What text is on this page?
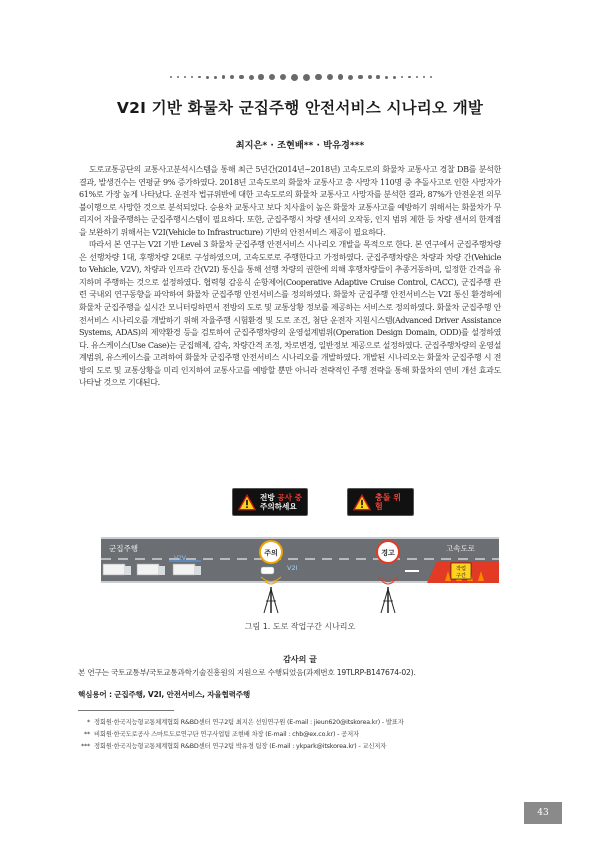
V2I 기반 화물차 군집주행 안전서비스 시나리오 개발
최지은* · 조현배** · 박유경***

도로교통공단의 교통사고분석시스템을 통해 최근 5년간(2014년~2018년) 고속도로의 화물차 교통사고 경찰 DB를 분석한 결과, 발생건수는 연평균 9% 증가하였다. 2018년 고속도로의 화물차 교통사고 총 사망자 110명 중 추돌사고로 인한 사망자가 61%로 가장 높게 나타났다. 운전자 법규위반에 대한 고속도로의 화물차 교통사고 사망자를 분석한 결과, 87%가 안전운전 의무 불이행으로 사망한 것으로 분석되었다. 승용차 교통사고 보다 치사율이 높은 화물차 교통사고를 예방하기 위해서는 화물차가 무리지어 자율주행하는 군집주행시스템이 필요하다. 또한, 군집주행시 차량 센서의 오작동, 인지 범위 제한 등 차량 센서의 한계점을 보완하기 위해서는 V2I(Vehicle to Infrastructure) 기반의 안전서비스 제공이 필요하다.

따라서 본 연구는 V2I 기반 Level 3 화물차 군집주행 안전서비스 시나리오 개발을 목적으로 한다. 본 연구에서 군집주행차량은 선행차량 1대, 후행차량 2대로 구성하였으며, 고속도로로 주행한다고 가정하였다. 군집주행차량은 차량과 차량 간(Vehicle to Vehicle, V2V), 차량과 인프라 간(V2I) 통신을 통해 선행 차량의 권한에 의해 후행차량들이 추종거동하며, 일정한 간격을 유지하며 주행하는 것으로 설정하였다. 협력형 감응식 순항제어(Cooperative Adaptive Cruise Control, CACC), 군집주행 관련 국내외 연구동향을 파악하여 화물차 군집주행 안전서비스를 정의하였다. 화물차 군집주행 안전서비스는 V2I 통신 환경하에 화물차 군집주행을 실시간 모니터링하면서 전방의 도로 및 교통상황 정보를 제공하는 서비스로 정의하였다. 화물차 군집주행 안전서비스 시나리오를 개발하기 위해 자율주행 시험환경 및 도로 조건, 첨단 운전자 지원시스템(Advanced Driver Assistance Systems, ADAS)의 제약환경 등을 검토하여 군집주행차량의 운영설계범위(Operation Design Domain, ODD)를 설정하였다. 유스케이스(Use Case)는 군집해제, 감속, 차량간격 조정, 차로변경, 일반정보 제공으로 설정하였다. 군집주행차량의 운영설계범위, 유스케이스를 고려하여 화물차 군집주행 안전서비스 시나리오를 개발하였다. 개발된 시나리오는 화물차 군집주행 시 전방의 도로 및 교통상황을 미리 인지하여 교통사고를 예방할 뿐만 아니라 전략적인 주행 전략을 통해 화물차의 연비 개선 효과도 나타날 것으로 기대된다.

전방 공사 중
주의하세요
충돌 위험
군집주행	고속도로
V2V
주의
V2I
경고
작업
구간
그림 1. 도로 작업구간 시나리오
감사의 글
본 연구는 국토교통부/국토교통과학기술진흥원의 지원으로 수행되었음(과제번호 19TLRP-B147674-02).
핵심용어 : 군집주행, V2I, 안전서비스, 자율협력주행
* 정회원·한국지능형교통체계협회 R&BD센터 연구2팀 최지은 선임연구원 (E-mail : jieun620@itskorea.kr) - 발표자
** 비회원·한국도로공사 스마트도로연구단 연구사업팀 조현배 차장 (E-mail : chb@ex.co.kr) - 공저자
*** 정회원·한국지능형교통체계협회 R&BD센터 연구2팀 박유경 팀장 (E-mail : ykpark@itskorea.kr) - 교신저자
43
